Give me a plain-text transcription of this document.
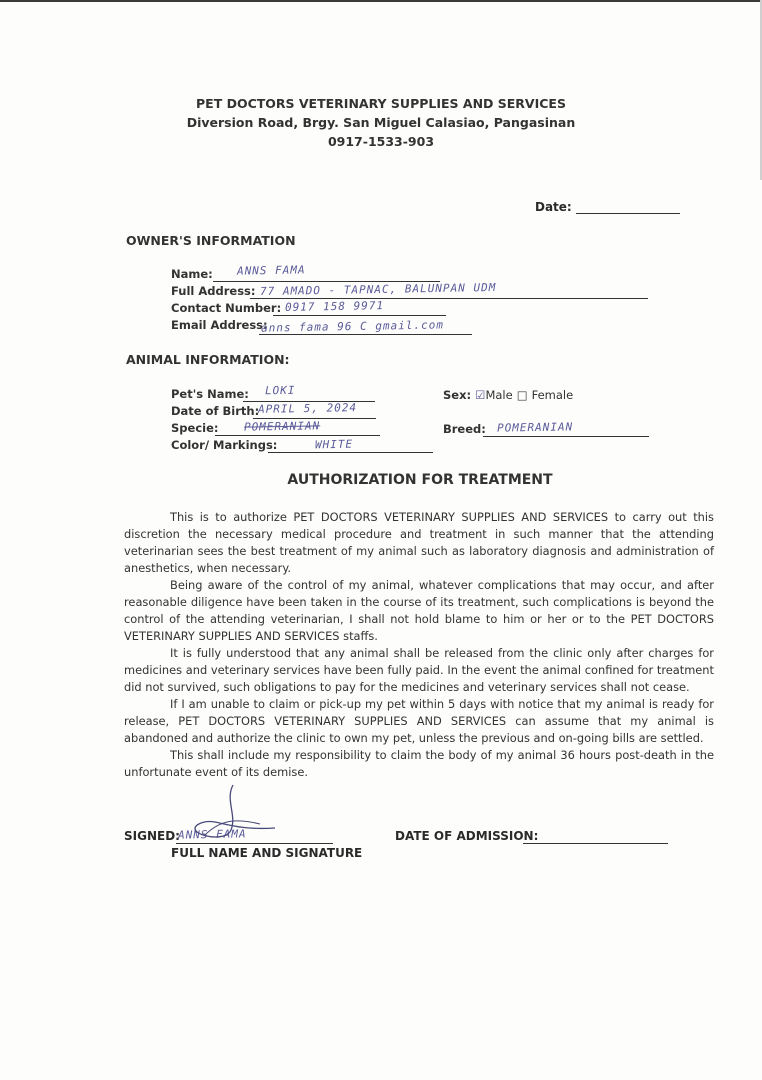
PET DOCTORS VETERINARY SUPPLIES AND SERVICES
Diversion Road, Brgy. San Miguel Calasiao, Pangasinan
0917-1533-903
Date:
OWNER'S INFORMATION
Name: ANNS FAMA
Full Address: 77 AMADO - TAPNAC, BALUNPAN UDM
Contact Number: 0917 158 9971
Email Address:
anns fama 96 C gmail.com
ANIMAL INFORMATION:
Pet's Name: LOKI
Date of Birth:
APRIL 5, 2024
Specie: POMERANIAN
Color/ Markings:	WHITE
Sex: ☑Male □ Female
Breed: POMERANIAN
AUTHORIZATION FOR TREATMENT

This is to authorize PET DOCTORS VETERINARY SUPPLIES AND SERVICES to carry out this discretion the necessary medical procedure and treatment in such manner that the attending veterinarian sees the best treatment of my animal such as laboratory diagnosis and administration of anesthetics, when necessary.

Being aware of the control of my animal, whatever complications that may occur, and after reasonable diligence have been taken in the course of its treatment, such complications is beyond the control of the attending veterinarian, I shall not hold blame to him or her or to the PET DOCTORS VETERINARY SUPPLIES AND SERVICES staffs.

It is fully understood that any animal shall be released from the clinic only after charges for medicines and veterinary services have been fully paid. In the event the animal confined for treatment did not survived, such obligations to pay for the medicines and veterinary services shall not cease.

If I am unable to claim or pick-up my pet within 5 days with notice that my animal is ready for release, PET DOCTORS VETERINARY SUPPLIES AND SERVICES can assume that my animal is abandoned and authorize the clinic to own my pet, unless the previous and on-going bills are settled.

This shall include my responsibility to claim the body of my animal 36 hours post-death in the unfortunate event of its demise.

SIGNED:
ANNS FAMA
FULL NAME AND SIGNATURE
DATE OF ADMISSION:
